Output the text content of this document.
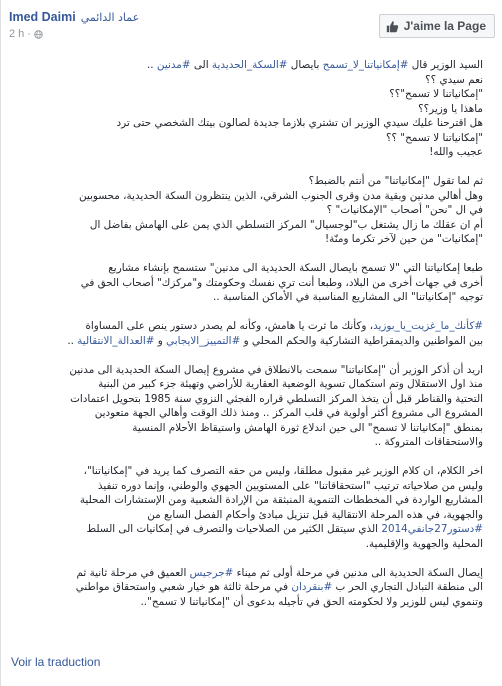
Imed Daimi عماد الدائمي
2 h ·
J'aime la Page
السيد الوزير قال #إمكانياتنا_لا_تسمح بايصال #السكة_الحديدية الى #مدنين ..
نعم سيدي ؟؟
"إمكانياتنا لا تسمح"؟؟
ماهذا يا وزير؟؟
هل اقترحنا عليك سيدي الوزير ان تشتري بلازما جديدة لصالون بيتك الشخصي حتى ترد
"إمكانياتنا لا تسمح" ؟؟
عجيب والله!
ثم لما تقول "إمكانياتنا" من أنتم بالضبط؟
وهل أهالي مدنين وبقية مدن وقرى الجنوب الشرقي، الذين ينتظرون السكة الحديدية، محسوبين
في ال "نحن" أصحاب "الإمكانيات" ؟
أم ان عقلك ما زال يشتغل ب"لوجسيال" المركز التسلطي الذي يمن على الهامش بفاضل ال
"إمكانيات" من حين لآخر تكرما ومنّة!
طبعا إمكانياتنا التي "لا تسمح بايصال السكة الحديدية الى مدنين" ستسمح بإنشاء مشاريع
أخرى في جهات أخرى من البلاد، وطبعا أنت تري نفسك وحكومتك و"مركزك" أصحاب الحق في
توجيه "إمكانياتنا" الى المشاريع المناسبة في الأماكن المناسبة ..
#كأنك_ما_غزيت_يا_بوزيد، وكأنك ما ثرت يا هامش، وكأنه لم يصدر دستور ينص على المساواة
بين المواطنين والديمقراطية التشاركية والحكم المحلي و #التمييز_الايجابي و #العدالة_الانتقالية ..
اريد أن أذكر الوزير أن "إمكانياتنا" سمحت بالانطلاق في مشروع إيصال السكة الحديدية الى مدنين
منذ اول الاستقلال وتم استكمال تسوية الوضعية العقارية للأراضي وتهيئة جزء كبير من البنية
التحتية والقناطر قبل أن يتخذ المركز التسلطي قراره الفجئي النزوي سنة 1985 بتحويل اعتمادات
المشروع الى مشروع أكثر أولوية في قلب المركز .. ومنذ ذلك الوقت وأهالي الجهة متعودين
بمنطق "إمكانياتنا لا تسمح" الى حين اندلاع ثورة الهامش واستيقاظ الأحلام المنسية
والاستحقاقات المتروكة ..
اخر الكلام، ان كلام الوزير غير مقبول مطلقا، وليس من حقه التصرف كما يريد في "إمكانياتنا"،
وليس من صلاحياته ترتيب "استحقاقاتنا" على المستويين الجهوي والوطني، وإنما دوره تنفيذ
المشاريع الواردة في المخططات التنموية المنبثقة من الإرادة الشعبية ومن الإستشارات المحلية
والجهوية، في هذه المرحلة الانتقالية قبل تنزيل مبادئ وأحكام الفصل السابع من
#دستور27جانفي2014 الذي سيتقل الكثير من الصلاحيات والتصرف في إمكانيات الى السلط
المحلية والجهوية والإقليمية.
إيصال السكة الحديدية الى مدنين في مرحلة أولى ثم ميناء #جرجيس العميق في مرحلة ثانية ثم
الى منطقة التبادل التجاري الحر ب #بنقردان في مرحلة ثالثة هو خيار شعبي واستحقاق مواطني
وتنموي ليس للوزير ولا لحكومته الحق في تأجيله بدعوى أن "إمكانياتنا لا تسمح"..
Voir la traduction
